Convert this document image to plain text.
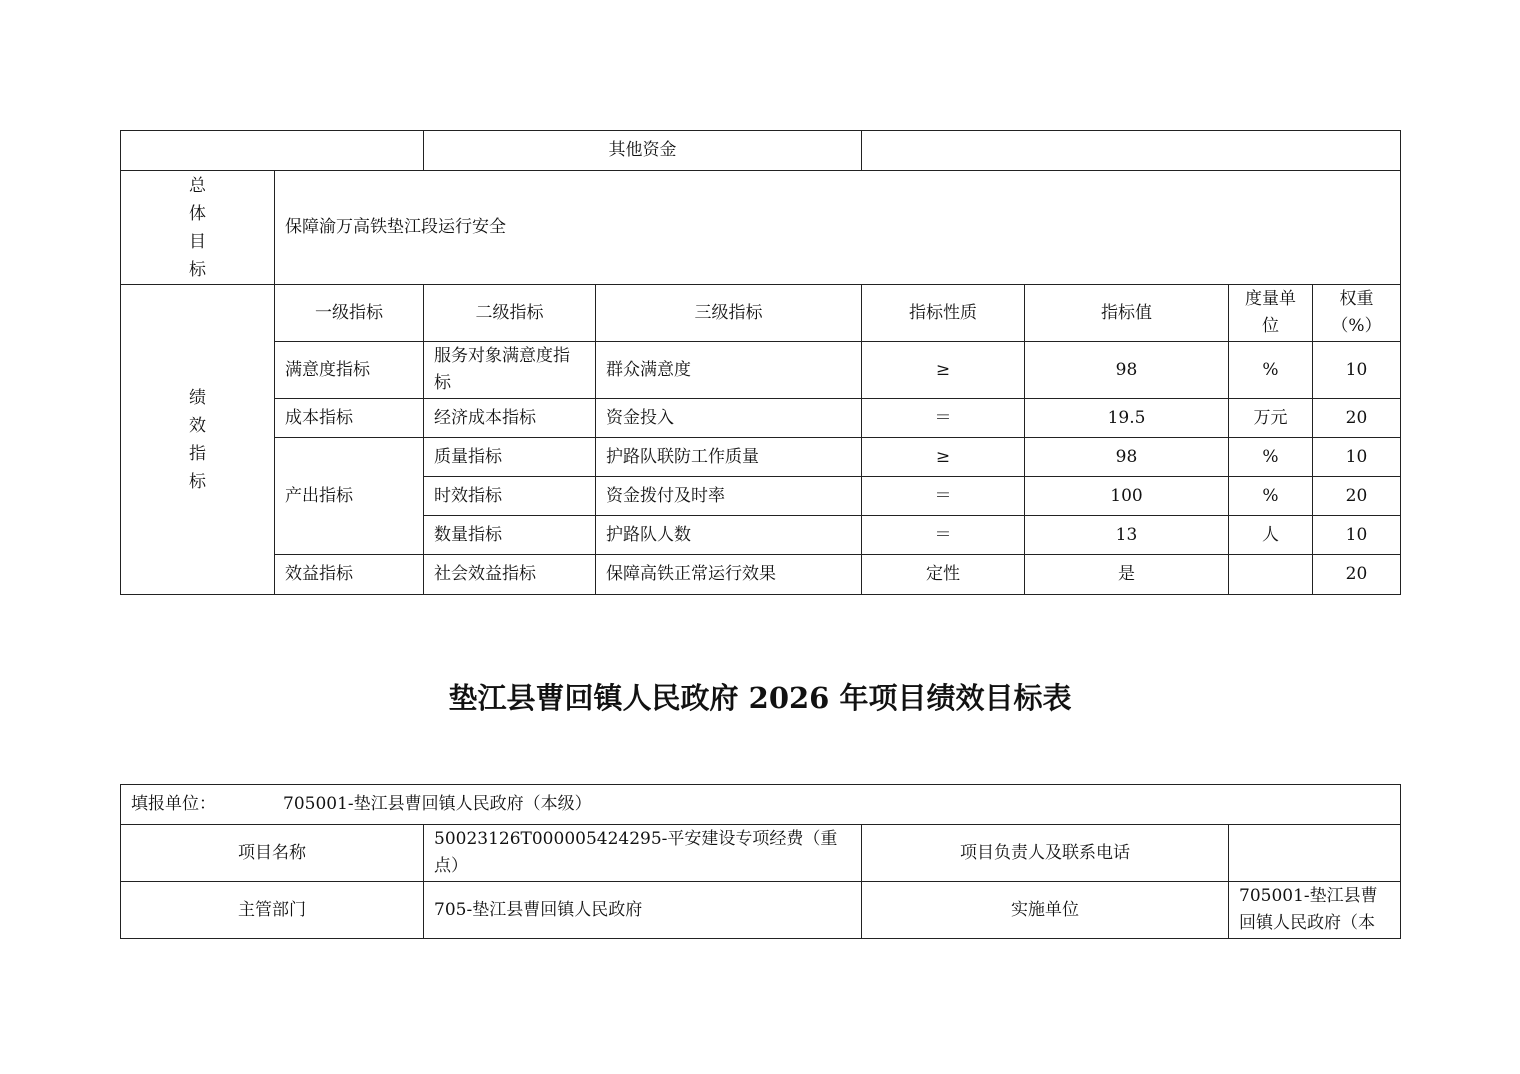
		其他资金					

总
体
目
标	保障渝万高铁垫江段运行安全						

绩
效
指
标	一级指标	二级指标	三级指标	指标性质	指标值	度量单位	权重（%）
	满意度指标	服务对象满意度指标	群众满意度	≥	98	%	10
	成本指标	经济成本指标	资金投入	＝	19.5	万元	20
	产出指标	质量指标	护路队联防工作质量	≥	98	%	10
		时效指标	资金拨付及时率	＝	100	%	20
		数量指标	护路队人数	＝	13	人	10
	效益指标	社会效益指标	保障高铁正常运行效果	定性	是		20
垫江县曹回镇人民政府 2026 年项目绩效目标表
填报单位： 705001-垫江县曹回镇人民政府（本级）			
项目名称	50023126T000005424295-平安建设专项经费（重点）	项目负责人及联系电话	
主管部门	705-垫江县曹回镇人民政府	实施单位	705001-垫江县曹回镇人民政府（本
